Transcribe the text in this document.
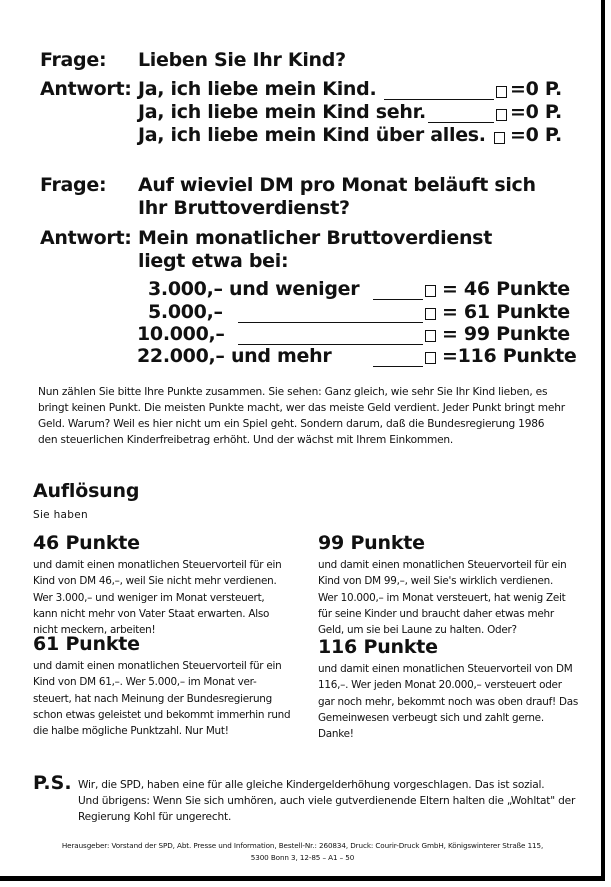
Frage: Lieben Sie Ihr Kind?
Antwort: Ja, ich liebe mein Kind.	=0 P.
Ja, ich liebe mein Kind sehr.	=0 P.
Ja, ich liebe mein Kind über alles. =0 P.
Frage: Auf wieviel DM pro Monat beläuft sich
Ihr Bruttoverdienst?
Antwort: Mein monatlicher Bruttoverdienst
liegt etwa bei:
3.000,– und weniger	= 46 Punkte
5.000,–	= 61 Punkte
10.000,–	= 99 Punkte
22.000,– und mehr	=116 Punkte
Nun zählen Sie bitte Ihre Punkte zusammen. Sie sehen: Ganz gleich, wie sehr Sie Ihr Kind lieben, es
bringt keinen Punkt. Die meisten Punkte macht, wer das meiste Geld verdient. Jeder Punkt bringt mehr
Geld. Warum? Weil es hier nicht um ein Spiel geht. Sondern darum, daß die Bundesregierung 1986
den steuerlichen Kinderfreibetrag erhöht. Und der wächst mit Ihrem Einkommen.
Auflösung
Sie haben
46 Punkte
und damit einen monatlichen Steuervorteil für ein
Kind von DM 46,–, weil Sie nicht mehr verdienen.
Wer 3.000,– und weniger im Monat versteuert,
kann nicht mehr von Vater Staat erwarten. Also
nicht meckern, arbeiten!
61 Punkte
und damit einen monatlichen Steuervorteil für ein
Kind von DM 61,–. Wer 5.000,– im Monat ver-
steuert, hat nach Meinung der Bundesregierung
schon etwas geleistet und bekommt immerhin rund
die halbe mögliche Punktzahl. Nur Mut!
99 Punkte
und damit einen monatlichen Steuervorteil für ein
Kind von DM 99,–, weil Sie's wirklich verdienen.
Wer 10.000,– im Monat versteuert, hat wenig Zeit
für seine Kinder und braucht daher etwas mehr
Geld, um sie bei Laune zu halten. Oder?
116 Punkte
und damit einen monatlichen Steuervorteil von DM
116,–. Wer jeden Monat 20.000,– versteuert oder
gar noch mehr, bekommt noch was oben drauf! Das
Gemeinwesen verbeugt sich und zahlt gerne.
Danke!
P.S. Wir, die SPD, haben eine für alle gleiche Kindergelderhöhung vorgeschlagen. Das ist sozial.
Und übrigens: Wenn Sie sich umhören, auch viele gutverdienende Eltern halten die „Wohltat" der
Regierung Kohl für ungerecht.
Herausgeber: Vorstand der SPD, Abt. Presse und Information, Bestell-Nr.: 260834, Druck: Courir-Druck GmbH, Königswinterer Straße 115,
5300 Bonn 3, 12-85 – A1 – 50
